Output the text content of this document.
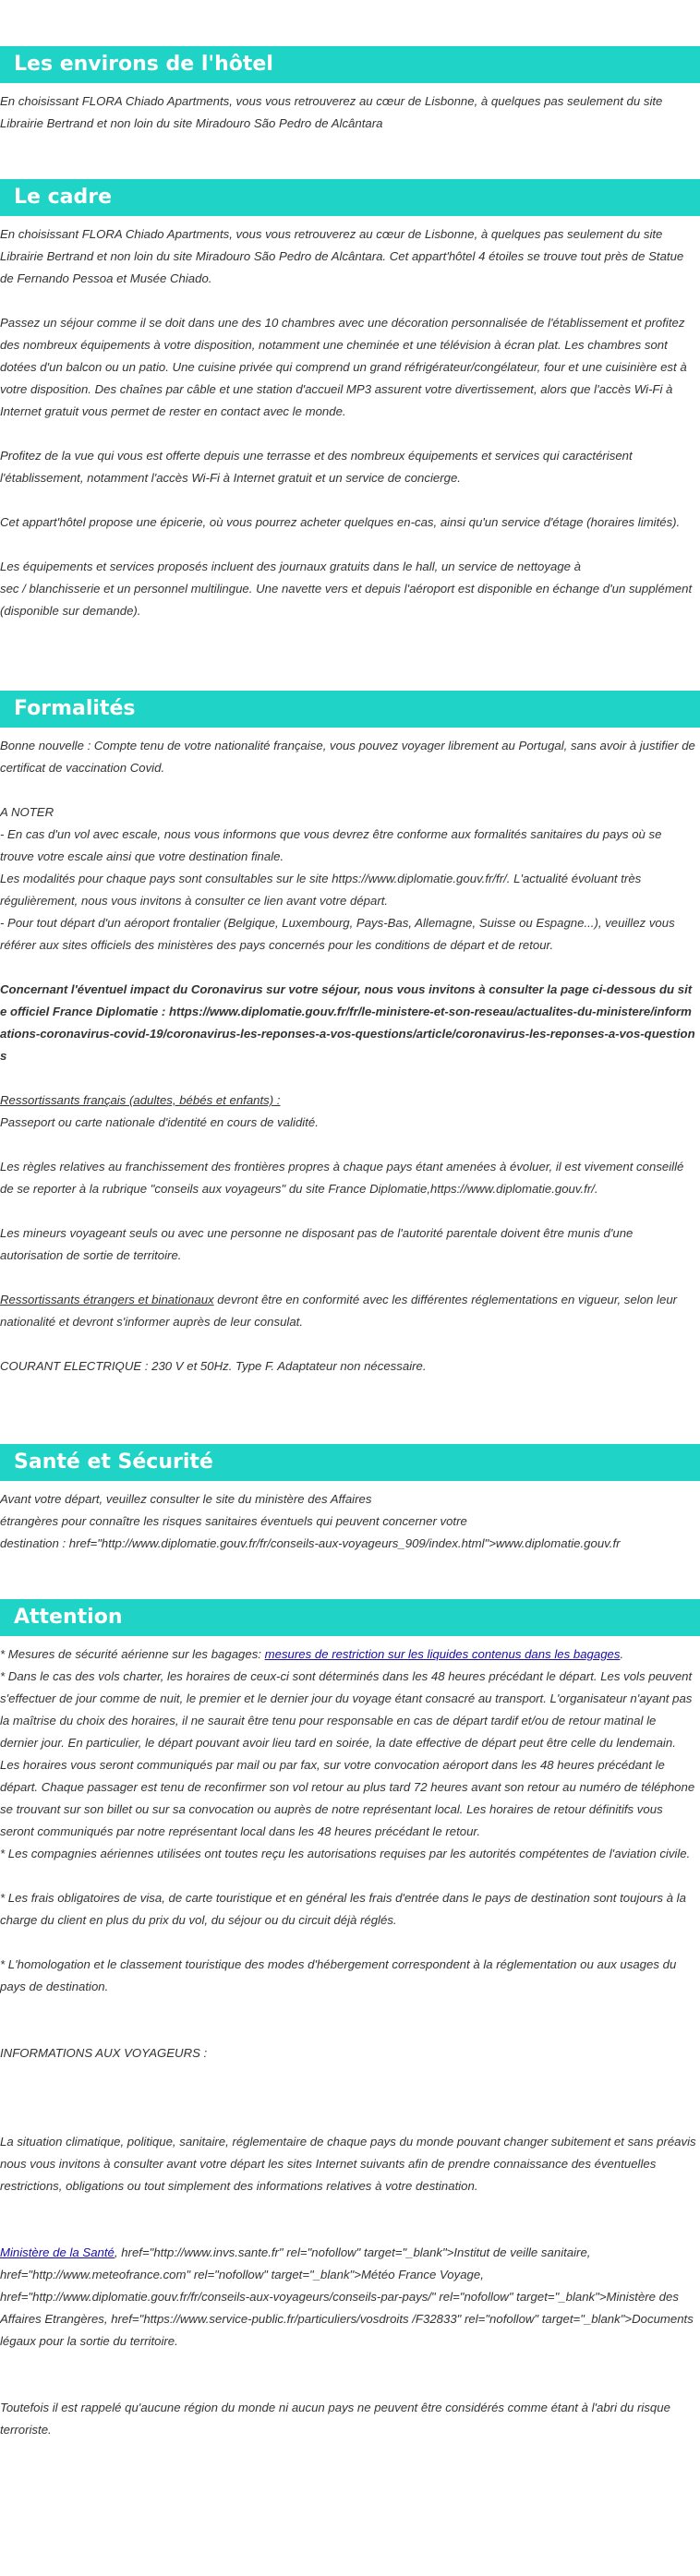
Les environs de l'hôtel
En choisissant FLORA Chiado Apartments, vous vous retrouverez au cœur de Lisbonne, à quelques pas seulement du site Librairie Bertrand et non loin du site Miradouro São Pedro de Alcântara
Le cadre

En choisissant FLORA Chiado Apartments, vous vous retrouverez au cœur de Lisbonne, à quelques pas seulement du site Librairie Bertrand et non loin du site Miradouro São Pedro de Alcântara. Cet appart'hôtel 4 étoiles se trouve tout près de Statue de Fernando Pessoa et Musée Chiado.

Passez un séjour comme il se doit dans une des 10 chambres avec une décoration personnalisée de l'établissement et profitez des nombreux équipements à votre disposition, notamment une cheminée et une télévision à écran plat. Les chambres sont dotées d'un balcon ou un patio. Une cuisine privée qui comprend un grand réfrigérateur/congélateur, four et une cuisinière est à votre disposition. Des chaînes par câble et une station d'accueil MP3 assurent votre divertissement, alors que l'accès Wi-Fi à Internet gratuit vous permet de rester en contact avec le monde.

Profitez de la vue qui vous est offerte depuis une terrasse et des nombreux équipements et services qui caractérisent l'établissement, notamment l'accès Wi-Fi à Internet gratuit et un service de concierge.

Cet appart'hôtel propose une épicerie, où vous pourrez acheter quelques en-cas, ainsi qu'un service d'étage (horaires limités).

Les équipements et services proposés incluent des journaux gratuits dans le hall, un service de nettoyage à

sec / blanchisserie et un personnel multilingue. Une navette vers et depuis l'aéroport est disponible en échange d'un supplément (disponible sur demande).

Formalités

Bonne nouvelle : Compte tenu de votre nationalité française, vous pouvez voyager librement au Portugal, sans avoir à justifier de certificat de vaccination Covid.

A NOTER

- En cas d'un vol avec escale, nous vous informons que vous devrez être conforme aux formalités sanitaires du pays où se trouve votre escale ainsi que votre destination finale.

Les modalités pour chaque pays sont consultables sur le site https://www.diplomatie.gouv.fr/fr/. L'actualité évoluant très régulièrement, nous vous invitons à consulter ce lien avant votre départ.

- Pour tout départ d'un aéroport frontalier (Belgique, Luxembourg, Pays-Bas, Allemagne, Suisse ou Espagne...), veuillez vous référer aux sites officiels des ministères des pays concernés pour les conditions de départ et de retour.

Concernant l'éventuel impact du Coronavirus sur votre séjour, nous vous invitons à consulter la page ci-dessous du site officiel France Diplomatie : https://www.diplomatie.gouv.fr/fr/le-ministere-et-son-reseau/actualites-du-ministere/informations-coronavirus-covid-19/coronavirus-les-reponses-a-vos-questions/article/coronavirus-les-reponses-a-vos-questions

Ressortissants français (adultes, bébés et enfants) :

Passeport ou carte nationale d'identité en cours de validité.

Les règles relatives au franchissement des frontières propres à chaque pays étant amenées à évoluer, il est vivement conseillé de se reporter à la rubrique "conseils aux voyageurs" du site France Diplomatie,https://www.diplomatie.gouv.fr/.

Les mineurs voyageant seuls ou avec une personne ne disposant pas de l'autorité parentale doivent être munis d'une autorisation de sortie de territoire.

Ressortissants étrangers et binationaux devront être en conformité avec les différentes réglementations en vigueur, selon leur nationalité et devront s'informer auprès de leur consulat.

COURANT ELECTRIQUE : 230 V et 50Hz. Type F. Adaptateur non nécessaire.

Santé et Sécurité

Avant votre départ, veuillez consulter le site du ministère des Affaires

étrangères pour connaître les risques sanitaires éventuels qui peuvent concerner votre

destination : href="http://www.diplomatie.gouv.fr/fr/conseils-aux-voyageurs_909/index.html">www.diplomatie.gouv.fr

Attention

* Mesures de sécurité aérienne sur les bagages: mesures de restriction sur les liquides contenus dans les bagages.

* Dans le cas des vols charter, les horaires de ceux-ci sont déterminés dans les 48 heures précédant le départ. Les vols peuvent s'effectuer de jour comme de nuit, le premier et le dernier jour du voyage étant consacré au transport. L'organisateur n'ayant pas la maîtrise du choix des horaires, il ne saurait être tenu pour responsable en cas de départ tardif et/ou de retour matinal le dernier jour. En particulier, le départ pouvant avoir lieu tard en soirée, la date effective de départ peut être celle du lendemain. Les horaires vous seront communiqués par mail ou par fax, sur votre convocation aéroport dans les 48 heures précédant le départ. Chaque passager est tenu de reconfirmer son vol retour au plus tard 72 heures avant son retour au numéro de téléphone se trouvant sur son billet ou sur sa convocation ou auprès de notre représentant local. Les horaires de retour définitifs vous seront communiqués par notre représentant local dans les 48 heures précédant le retour.

* Les compagnies aériennes utilisées ont toutes reçu les autorisations requises par les autorités compétentes de l'aviation civile.

* Les frais obligatoires de visa, de carte touristique et en général les frais d'entrée dans le pays de destination sont toujours à la charge du client en plus du prix du vol, du séjour ou du circuit déjà réglés.

* L'homologation et le classement touristique des modes d'hébergement correspondent à la réglementation ou aux usages du pays de destination.

INFORMATIONS AUX VOYAGEURS :

La situation climatique, politique, sanitaire, réglementaire de chaque pays du monde pouvant changer subitement et sans préavis

nous vous invitons à consulter avant votre départ les sites Internet suivants afin de prendre connaissance des éventuelles restrictions, obligations ou tout simplement des informations relatives à votre destination.

Ministère de la Santé, href="http://www.invs.sante.fr" rel="nofollow" target="_blank">Institut de veille sanitaire, href="http://www.meteofrance.com" rel="nofollow" target="_blank">Météo France Voyage, href="http://www.diplomatie.gouv.fr/fr/conseils-aux-voyageurs/conseils-par-pays/" rel="nofollow" target="_blank">Ministère des Affaires Etrangères, href="https://www.service-public.fr/particuliers/vosdroits /F32833" rel="nofollow" target="_blank">Documents légaux pour la sortie du territoire.

Toutefois il est rappelé qu'aucune région du monde ni aucun pays ne peuvent être considérés comme étant à l'abri du risque terroriste.
